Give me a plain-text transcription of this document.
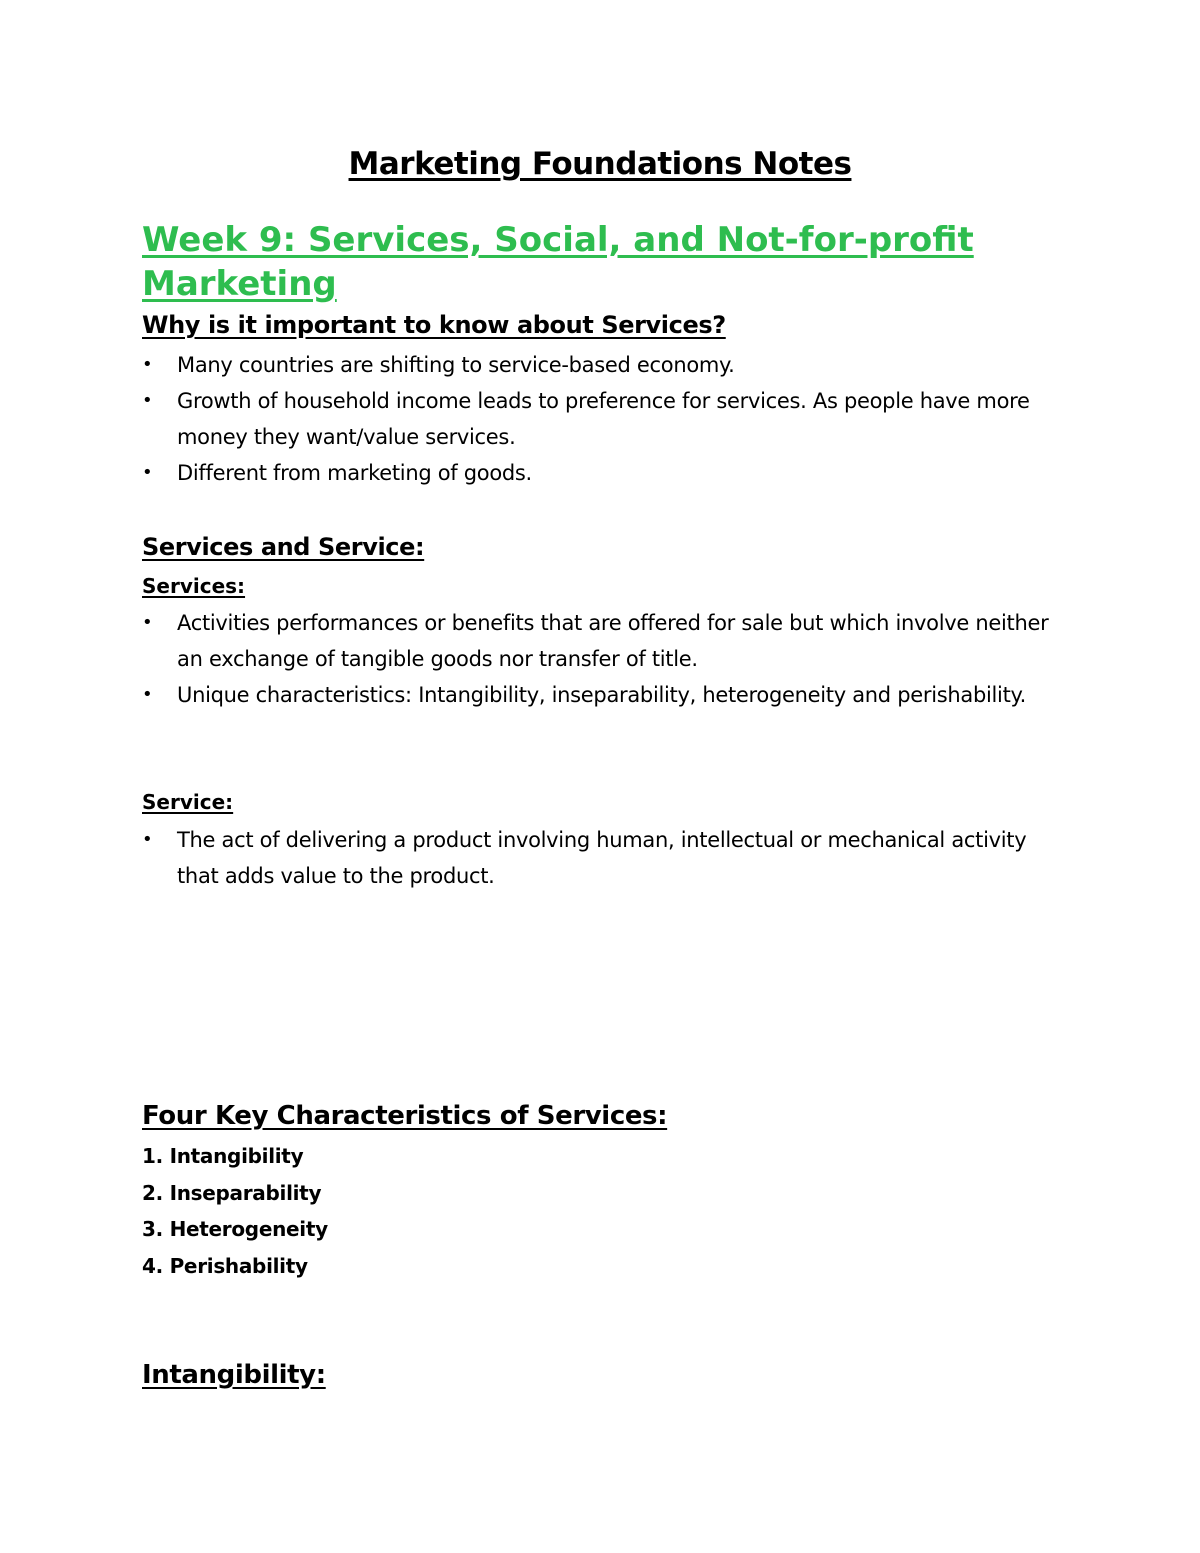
Marketing Foundations Notes
Week 9: Services, Social, and Not-for-profit Marketing
Why is it important to know about Services?
• Many countries are shifting to service-based economy.
• Growth of household income leads to preference for services. As people have more money they want/value services.
• Different from marketing of goods.
Services and Service:
Services:
• Activities performances or benefits that are offered for sale but which involve neither an exchange of tangible goods nor transfer of title.
• Unique characteristics: Intangibility, inseparability, heterogeneity and perishability.
Service:
• The act of delivering a product involving human, intellectual or mechanical activity that adds value to the product.
Four Key Characteristics of Services:
1. Intangibility
2. Inseparability
3. Heterogeneity
4. Perishability
Intangibility:
